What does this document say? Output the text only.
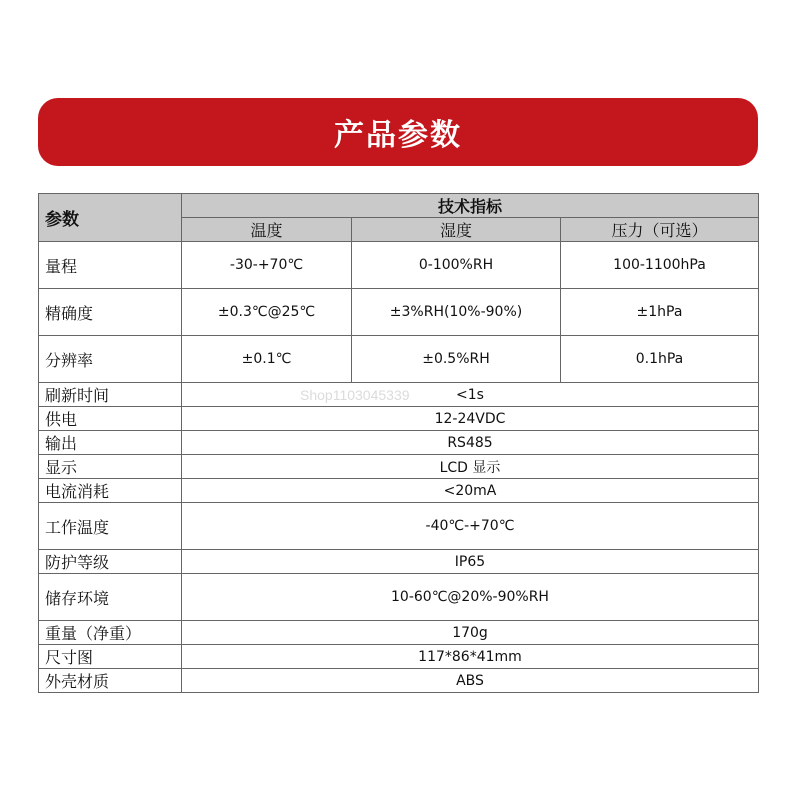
产品参数
参数	技术指标		
	温度	湿度	压力（可选）
量程	-30-+70℃	0-100%RH	100-1100hPa
精确度	±0.3℃@25℃	±3%RH(10%-90%)	±1hPa
分辨率	±0.1℃	±0.5%RH	0.1hPa
刷新时间	<1s		
供电	12-24VDC		
输出	RS485		
显示	LCD 显示		
电流消耗	<20mA		
工作温度	-40℃-+70℃		
防护等级	IP65		
储存环境	10-60℃@20%-90%RH		
重量（净重）	170g		
尺寸图	117*86*41mm		
外壳材质	ABS		
Shop1103045339
